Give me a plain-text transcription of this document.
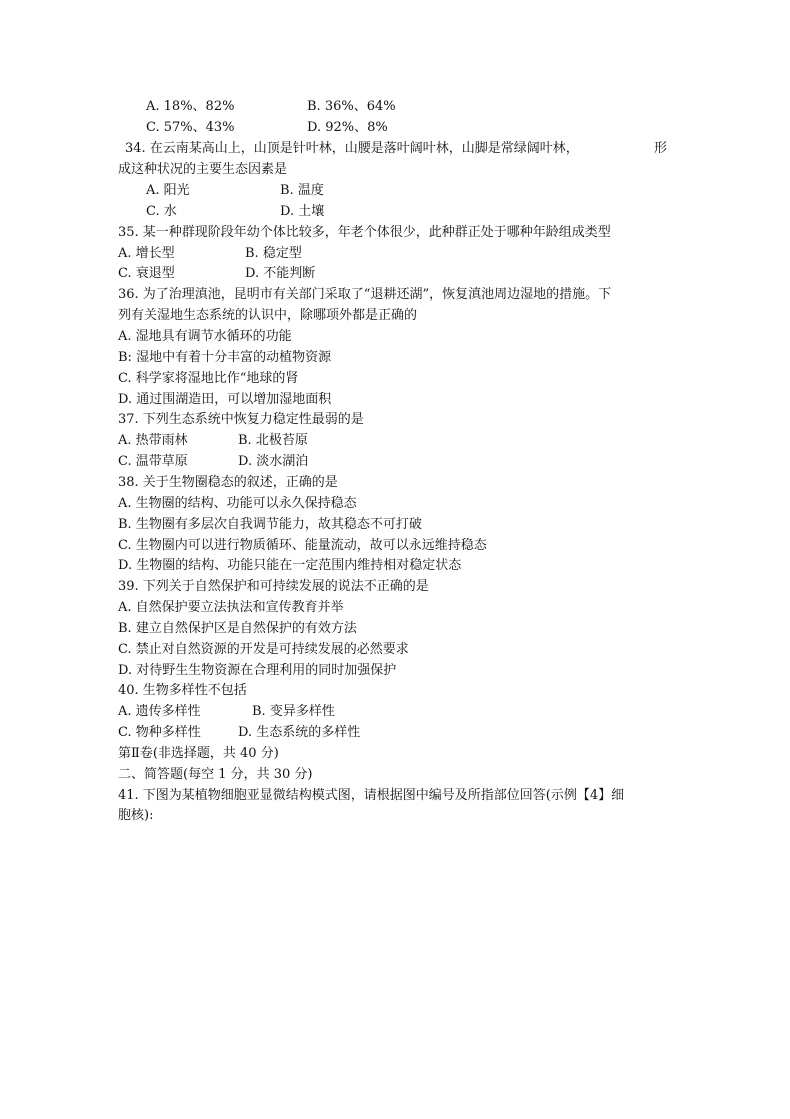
A. 18%、82%	B. 36%、64%
C. 57%、43%	D. 92%、8%
34. 在云南某高山上，山顶是针叶林，山腰是落叶阔叶林，山脚是常绿阔叶林，	形
成这种状况的主要生态因素是
A. 阳光	B. 温度
C. 水	D. 土壤
35. 某一种群现阶段年幼个体比较多，年老个体很少，此种群正处于哪种年龄组成类型
A. 增长型	B. 稳定型
C. 衰退型	D. 不能判断
36. 为了治理滇池，昆明市有关部门采取了“退耕还湖”，恢复滇池周边湿地的措施。下
列有关湿地生态系统的认识中，除哪项外都是正确的
A. 湿地具有调节水循环的功能
B: 湿地中有着十分丰富的动植物资源
C. 科学家将湿地比作“地球的肾
D. 通过围湖造田，可以增加湿地面积
37. 下列生态系统中恢复力稳定性最弱的是
A. 热带雨林	B. 北极苔原
C. 温带草原	D. 淡水湖泊
38. 关于生物圈稳态的叙述，正确的是
A. 生物圈的结构、功能可以永久保持稳态
B. 生物圈有多层次自我调节能力，故其稳态不可打破
C. 生物圈内可以进行物质循环、能量流动，故可以永远维持稳态
D. 生物圈的结构、功能只能在一定范围内维持相对稳定状态
39. 下列关于自然保护和可持续发展的说法不正确的是
A. 自然保护要立法执法和宣传教育并举
B. 建立自然保护区是自然保护的有效方法
C. 禁止对自然资源的开发是可持续发展的必然要求
D. 对待野生生物资源在合理利用的同时加强保护
40. 生物多样性不包括
A. 遗传多样性	B. 变异多样性
C. 物种多样性	D. 生态系统的多样性
第Ⅱ卷(非选择题，共 40 分)
二、简答题(每空 1 分，共 30 分)
41. 下图为某植物细胞亚显微结构模式图，请根据图中编号及所指部位回答(示例【4】细
胞核):
